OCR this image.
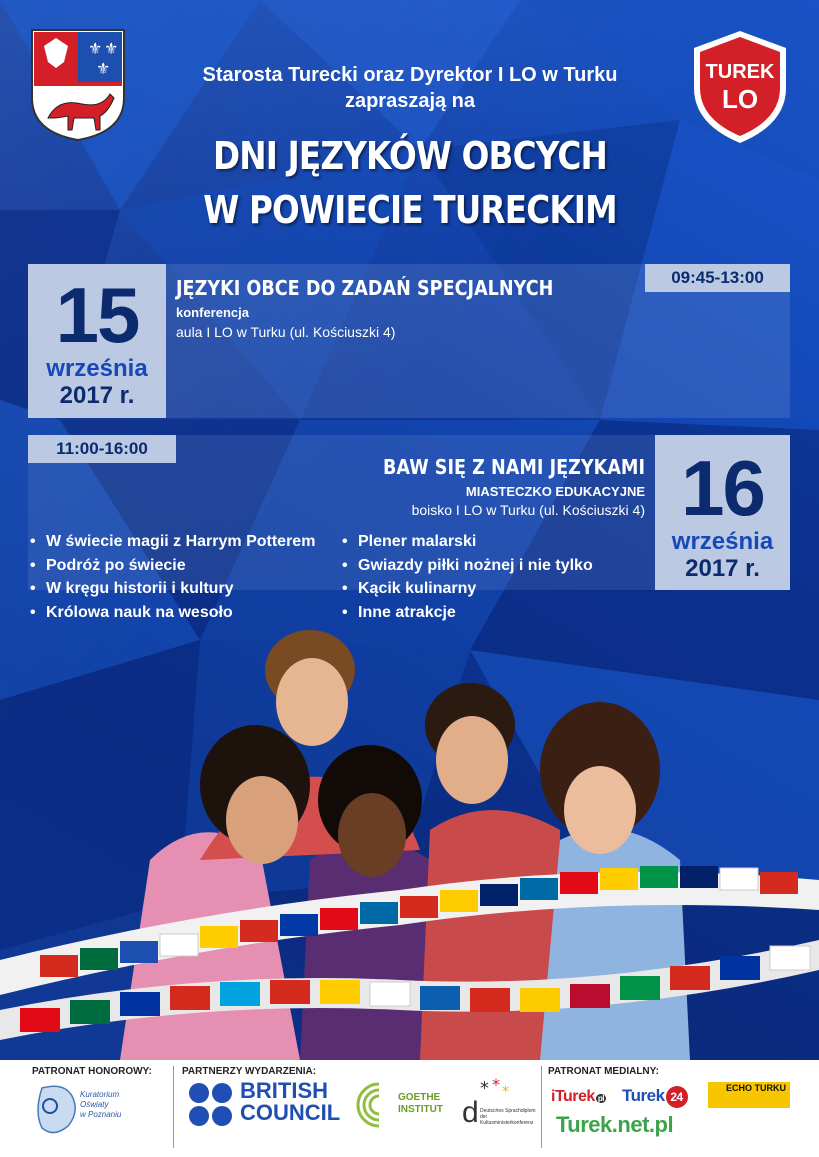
⚜ ⚜
⚜	Starosta Turecki oraz Dyrektor I LO w Turku
zapraszają na
DNI JĘZYKÓW OBCYCH
W POWIECIE TURECKIM
TUREK
LO
15
września
2017 r.
09:45-13:00
JĘZYKI OBCE DO ZADAŃ SPECJALNYCH
konferencja
aula I LO w Turku (ul. Kościuszki 4)
11:00-16:00	16
września
2017 r.
BAW SIĘ Z NAMI JĘZYKAMI
MIASTECZKO EDUKACYJNE
boisko I LO w Turku (ul. Kościuszki 4)
• W świecie magii z Harrym Potterem
• Podróż po świecie
• W kręgu historii i kultury
• Królowa nauk na wesoło
• Plener malarski
• Gwiazdy piłki nożnej i nie tylko
• Kącik kulinarny
• Inne atrakcje
PATRONAT HONOROWY:	PARTNERZY WYDARZENIA:	PATRONAT MEDIALNY:
Kuratorium
Oświaty
w Poznaniu
BRITISH
COUNCIL
GOETHE
INSTITUT d
* * *
Deutsches Sprachdiplom der Kultusministerkonferenz
iTurek pl Turek 24
ECHO TURKU
Turek.net.pl
